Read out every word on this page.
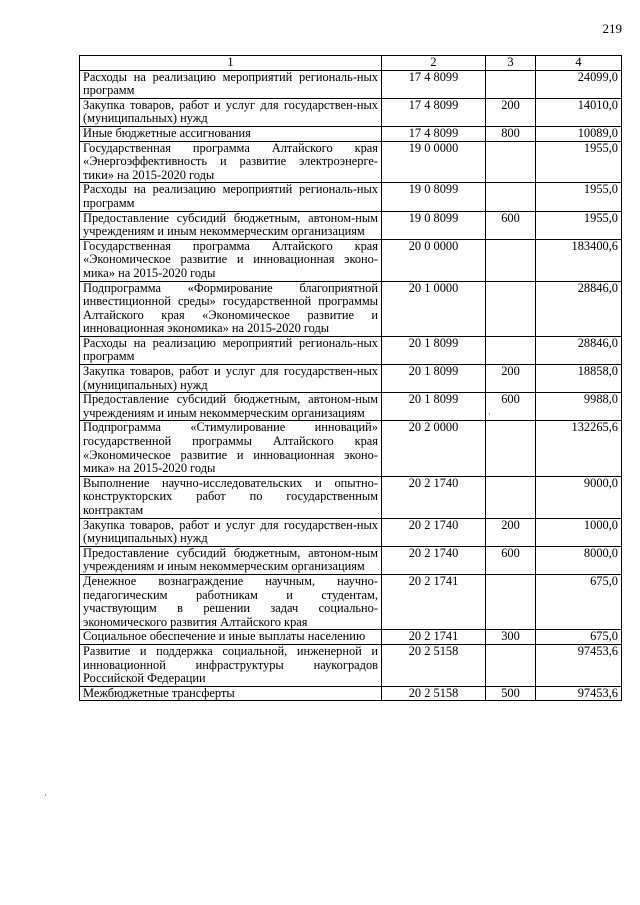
219
1	2	3	4
Расходы на реализацию мероприятий региональ-ных программ	17 4 8099		24099,0
Закупка товаров, работ и услуг для государствен-ных (муниципальных) нужд	17 4 8099	200	14010,0
Иные бюджетные ассигнования	17 4 8099	800	10089,0
Государственная программа Алтайского края «Энергоэффективность и развитие электроэнерге-тики» на 2015-2020 годы	19 0 0000		1955,0
Расходы на реализацию мероприятий региональ-ных программ	19 0 8099		1955,0
Предоставление субсидий бюджетным, автоном-ным учреждениям и иным некоммерческим организациям	19 0 8099	600	1955,0
Государственная программа Алтайского края «Экономическое развитие и инновационная эконо-мика» на 2015-2020 годы	20 0 0000		183400,6
Подпрограмма «Формирование благоприятной инвестиционной среды» государственной программы Алтайского края «Экономическое развитие и инновационная экономика» на 2015-2020 годы	20 1 0000		28846,0
Расходы на реализацию мероприятий региональ-ных программ	20 1 8099		28846,0
Закупка товаров, работ и услуг для государствен-ных (муниципальных) нужд	20 1 8099	200	18858,0
Предоставление субсидий бюджетным, автоном-ным учреждениям и иным некоммерческим организациям	20 1 8099	600	9988,0
Подпрограмма «Стимулирование инноваций» государственной программы Алтайского края «Экономическое развитие и инновационная эконо-мика» на 2015-2020 годы	20 2 0000		132265,6
Выполнение научно-исследовательских и опытно-конструкторских работ по государственным контрактам	20 2 1740		9000,0
Закупка товаров, работ и услуг для государствен-ных (муниципальных) нужд	20 2 1740	200	1000,0
Предоставление субсидий бюджетным, автоном-ным учреждениям и иным некоммерческим организациям	20 2 1740	600	8000,0
Денежное вознаграждение научным, научно-педагогическим работникам и студентам, участвующим в решении задач социально-экономического развития Алтайского края	20 2 1741		675,0
Социальное обеспечение и иные выплаты населению	20 2 1741	300	675,0
Развитие и поддержка социальной, инженерной и инновационной инфраструктуры наукоградов Российской Федерации	20 2 5158		97453,6
Межбюджетные трансферты	20 2 5158	500	97453,6
·
·
